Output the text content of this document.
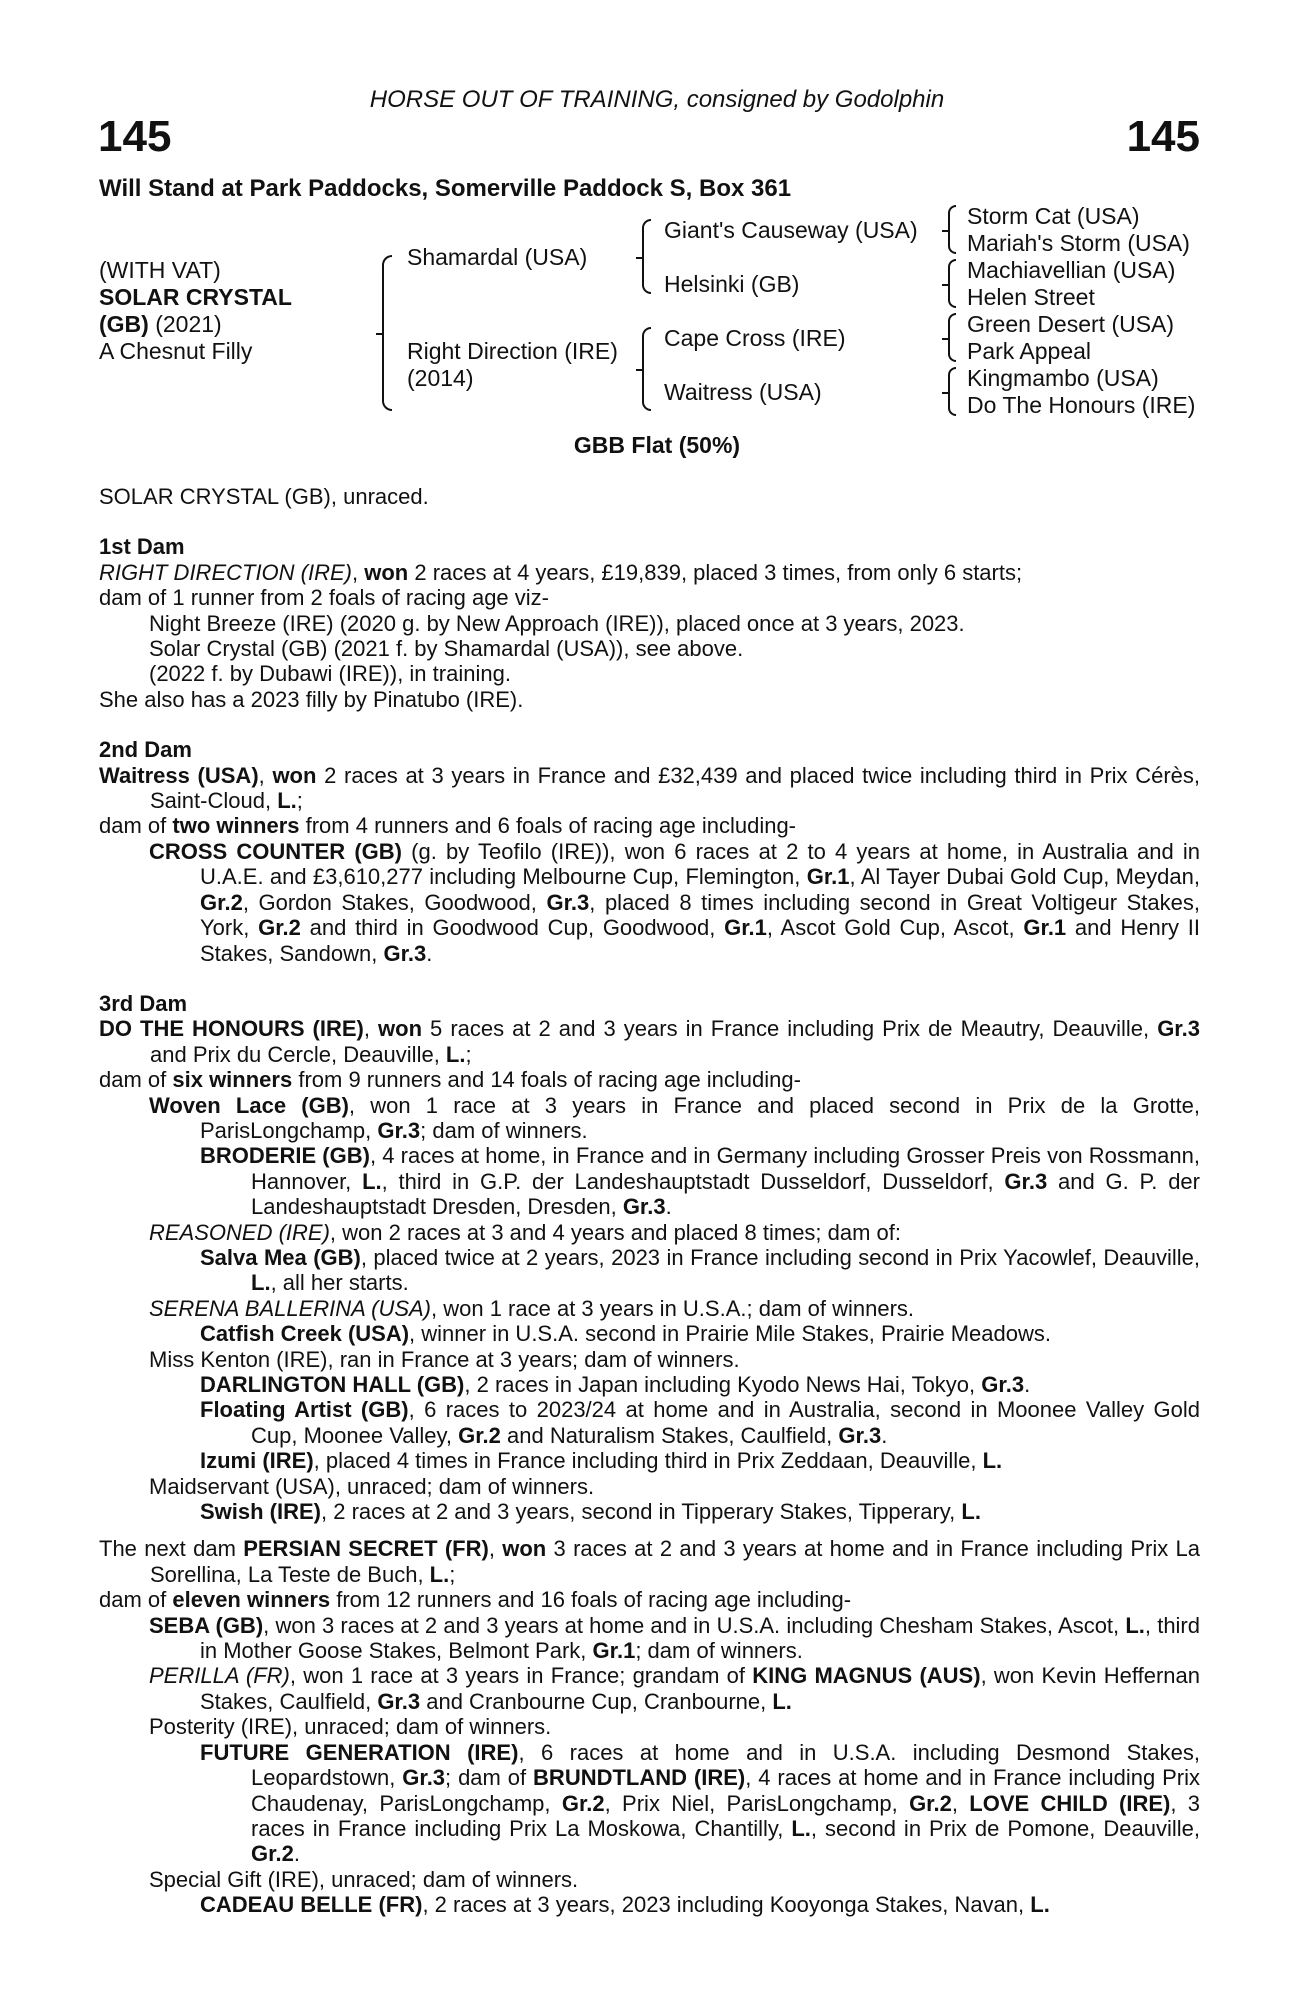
HORSE OUT OF TRAINING, consigned by Godolphin
145	145
Will Stand at Park Paddocks, Somerville Paddock S, Box 361
(WITH VAT)
SOLAR CRYSTAL
(GB) (2021)
A Chesnut Filly
Shamardal (USA)
Right Direction (IRE)
(2014)
Giant's Causeway (USA)
Helsinki (GB)
Cape Cross (IRE)
Waitress (USA)
Storm Cat (USA)
Mariah's Storm (USA)
Machiavellian (USA)
Helen Street
Green Desert (USA)
Park Appeal
Kingmambo (USA)
Do The Honours (IRE)
GBB Flat (50%)
SOLAR CRYSTAL (GB), unraced.
1st Dam
RIGHT DIRECTION (IRE), won 2 races at 4 years, £19,839, placed 3 times, from only 6 starts;
dam of 1 runner from 2 foals of racing age viz-
Night Breeze (IRE) (2020 g. by New Approach (IRE)), placed once at 3 years, 2023.
Solar Crystal (GB) (2021 f. by Shamardal (USA)), see above.
(2022 f. by Dubawi (IRE)), in training.
She also has a 2023 filly by Pinatubo (IRE).
2nd Dam
Waitress (USA), won 2 races at 3 years in France and £32,439 and placed twice including third in Prix Cérès, Saint-Cloud, L.;
dam of two winners from 4 runners and 6 foals of racing age including-
CROSS COUNTER (GB) (g. by Teofilo (IRE)), won 6 races at 2 to 4 years at home, in Australia and in U.A.E. and £3,610,277 including Melbourne Cup, Flemington, Gr.1, Al Tayer Dubai Gold Cup, Meydan, Gr.2, Gordon Stakes, Goodwood, Gr.3, placed 8 times including second in Great Voltigeur Stakes, York, Gr.2 and third in Goodwood Cup, Goodwood, Gr.1, Ascot Gold Cup, Ascot, Gr.1 and Henry II Stakes, Sandown, Gr.3.
3rd Dam
DO THE HONOURS (IRE), won 5 races at 2 and 3 years in France including Prix de Meautry, Deauville, Gr.3 and Prix du Cercle, Deauville, L.;
dam of six winners from 9 runners and 14 foals of racing age including-
Woven Lace (GB), won 1 race at 3 years in France and placed second in Prix de la Grotte, ParisLongchamp, Gr.3; dam of winners.
BRODERIE (GB), 4 races at home, in France and in Germany including Grosser Preis von Rossmann, Hannover, L., third in G.P. der Landeshauptstadt Dusseldorf, Dusseldorf, Gr.3 and G. P. der Landeshauptstadt Dresden, Dresden, Gr.3.
REASONED (IRE), won 2 races at 3 and 4 years and placed 8 times; dam of:
Salva Mea (GB), placed twice at 2 years, 2023 in France including second in Prix Yacowlef, Deauville, L., all her starts.
SERENA BALLERINA (USA), won 1 race at 3 years in U.S.A.; dam of winners.
Catfish Creek (USA), winner in U.S.A. second in Prairie Mile Stakes, Prairie Meadows.
Miss Kenton (IRE), ran in France at 3 years; dam of winners.
DARLINGTON HALL (GB), 2 races in Japan including Kyodo News Hai, Tokyo, Gr.3.
Floating Artist (GB), 6 races to 2023/24 at home and in Australia, second in Moonee Valley Gold Cup, Moonee Valley, Gr.2 and Naturalism Stakes, Caulfield, Gr.3.
Izumi (IRE), placed 4 times in France including third in Prix Zeddaan, Deauville, L.
Maidservant (USA), unraced; dam of winners.
Swish (IRE), 2 races at 2 and 3 years, second in Tipperary Stakes, Tipperary, L.
The next dam PERSIAN SECRET (FR), won 3 races at 2 and 3 years at home and in France including Prix La Sorellina, La Teste de Buch, L.;
dam of eleven winners from 12 runners and 16 foals of racing age including-
SEBA (GB), won 3 races at 2 and 3 years at home and in U.S.A. including Chesham Stakes, Ascot, L., third in Mother Goose Stakes, Belmont Park, Gr.1; dam of winners.
PERILLA (FR), won 1 race at 3 years in France; grandam of KING MAGNUS (AUS), won Kevin Heffernan Stakes, Caulfield, Gr.3 and Cranbourne Cup, Cranbourne, L.
Posterity (IRE), unraced; dam of winners.
FUTURE GENERATION (IRE), 6 races at home and in U.S.A. including Desmond Stakes, Leopardstown, Gr.3; dam of BRUNDTLAND (IRE), 4 races at home and in France including Prix Chaudenay, ParisLongchamp, Gr.2, Prix Niel, ParisLongchamp, Gr.2, LOVE CHILD (IRE), 3 races in France including Prix La Moskowa, Chantilly, L., second in Prix de Pomone, Deauville, Gr.2.
Special Gift (IRE), unraced; dam of winners.
CADEAU BELLE (FR), 2 races at 3 years, 2023 including Kooyonga Stakes, Navan, L.
